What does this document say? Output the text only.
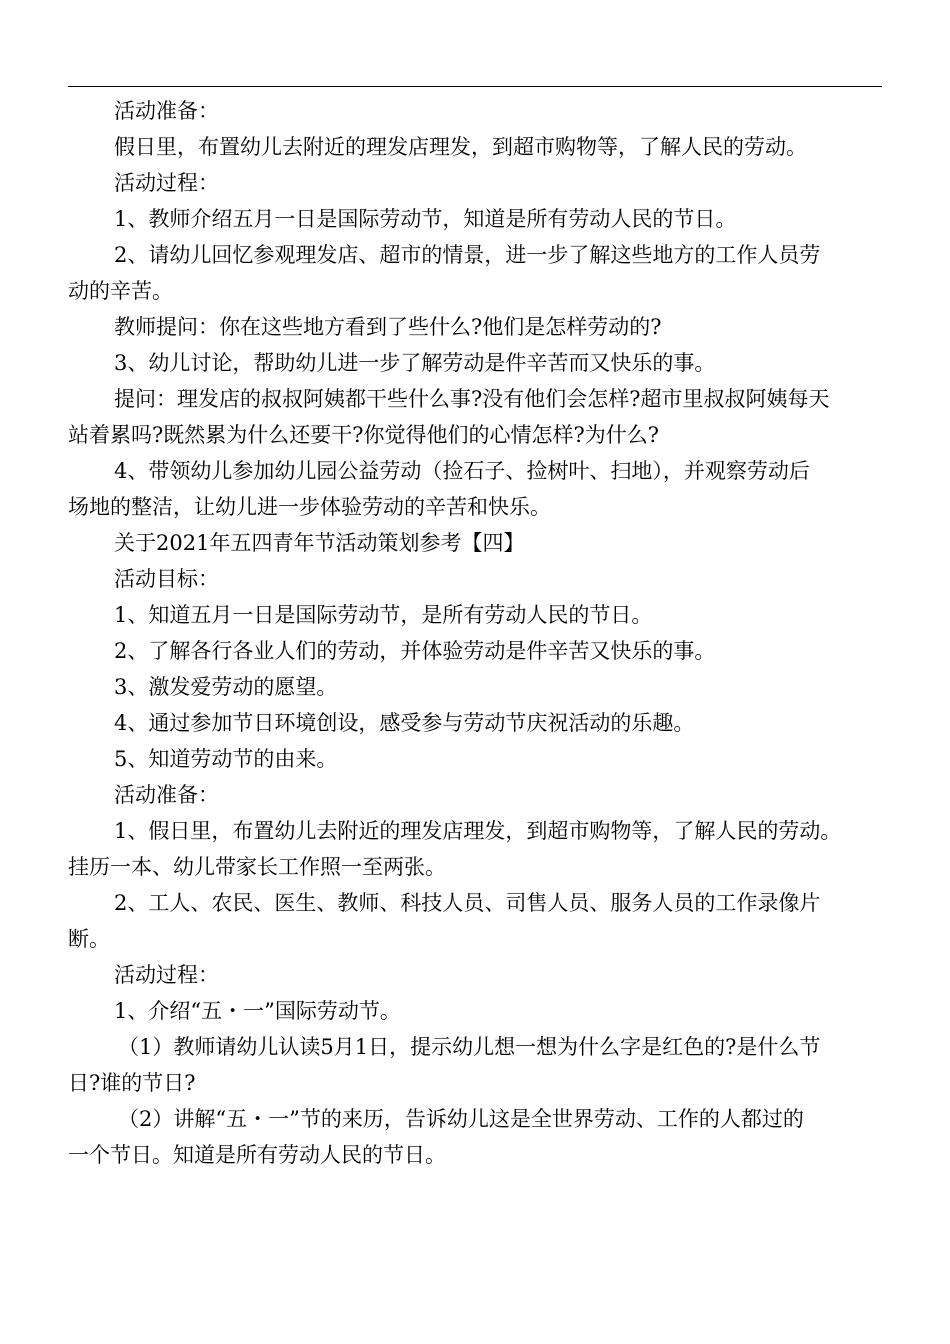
活动准备：
假日里，布置幼儿去附近的理发店理发，到超市购物等，了解人民的劳动。
活动过程：
1、教师介绍五月一日是国际劳动节，知道是所有劳动人民的节日。
2、请幼儿回忆参观理发店、超市的情景，进一步了解这些地方的工作人员劳
动的辛苦。
教师提问：你在这些地方看到了些什么?他们是怎样劳动的?
3、幼儿讨论，帮助幼儿进一步了解劳动是件辛苦而又快乐的事。
提问：理发店的叔叔阿姨都干些什么事?没有他们会怎样?超市里叔叔阿姨每天
站着累吗?既然累为什么还要干?你觉得他们的心情怎样?为什么?
4、带领幼儿参加幼儿园公益劳动（捡石子、捡树叶、扫地），并观察劳动后
场地的整洁，让幼儿进一步体验劳动的辛苦和快乐。
关于2021年五四青年节活动策划参考【四】
活动目标：
1、知道五月一日是国际劳动节，是所有劳动人民的节日。
2、了解各行各业人们的劳动，并体验劳动是件辛苦又快乐的事。
3、激发爱劳动的愿望。
4、通过参加节日环境创设，感受参与劳动节庆祝活动的乐趣。
5、知道劳动节的由来。
活动准备：
1、假日里，布置幼儿去附近的理发店理发，到超市购物等，了解人民的劳动。
挂历一本、幼儿带家长工作照一至两张。
2、工人、农民、医生、教师、科技人员、司售人员、服务人员的工作录像片
断。
活动过程：
1、介绍“五・一”国际劳动节。
（1）教师请幼儿认读5月1日，提示幼儿想一想为什么字是红色的?是什么节
日?谁的节日?
（2）讲解“五・一”节的来历，告诉幼儿这是全世界劳动、工作的人都过的
一个节日。知道是所有劳动人民的节日。
